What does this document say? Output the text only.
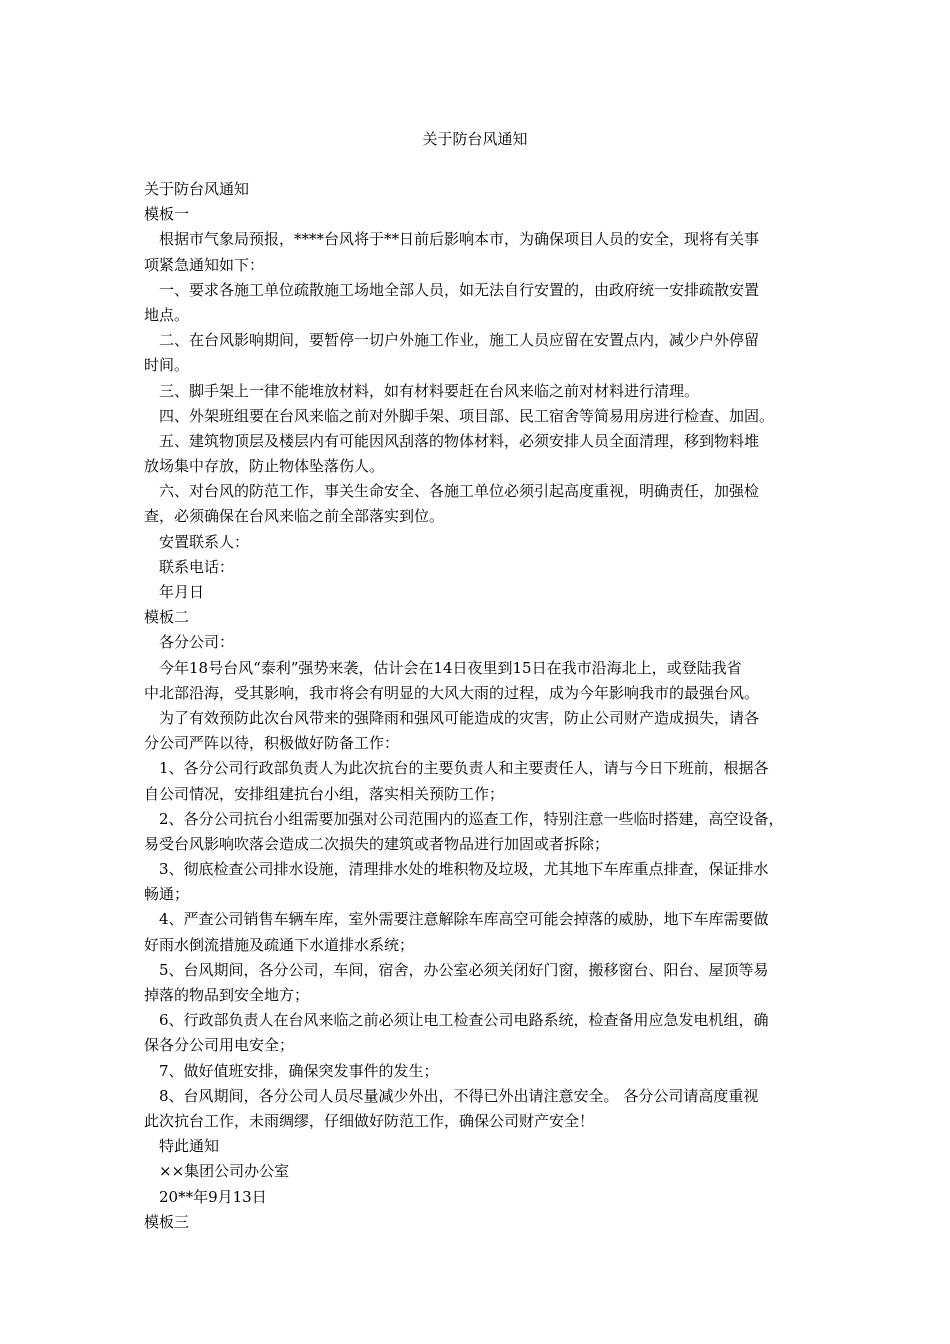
关于防台风通知
关于防台风通知
模板一
根据市气象局预报，****台风将于**日前后影响本市，为确保项目人员的安全，现将有关事
项紧急通知如下：
一、要求各施工单位疏散施工场地全部人员，如无法自行安置的，由政府统一安排疏散安置
地点。
二、在台风影响期间，要暂停一切户外施工作业，施工人员应留在安置点内，减少户外停留
时间。
三、脚手架上一律不能堆放材料，如有材料要赶在台风来临之前对材料进行清理。
四、外架班组要在台风来临之前对外脚手架、项目部、民工宿舍等简易用房进行检查、加固。
五、建筑物顶层及楼层内有可能因风刮落的物体材料，必须安排人员全面清理，移到物料堆
放场集中存放，防止物体坠落伤人。
六、对台风的防范工作，事关生命安全、各施工单位必须引起高度重视，明确责任，加强检
查，必须确保在台风来临之前全部落实到位。
安置联系人：
联系电话：
年月日
模板二
各分公司：
今年18号台风“泰利”强势来袭，估计会在14日夜里到15日在我市沿海北上，或登陆我省
中北部沿海，受其影响，我市将会有明显的大风大雨的过程，成为今年影响我市的最强台风。
为了有效预防此次台风带来的强降雨和强风可能造成的灾害，防止公司财产造成损失，请各
分公司严阵以待，积极做好防备工作：
1、各分公司行政部负责人为此次抗台的主要负责人和主要责任人，请与今日下班前，根据各
自公司情况，安排组建抗台小组，落实相关预防工作；
2、各分公司抗台小组需要加强对公司范围内的巡查工作，特别注意一些临时搭建，高空设备，
易受台风影响吹落会造成二次损失的建筑或者物品进行加固或者拆除；
3、彻底检查公司排水设施，清理排水处的堆积物及垃圾，尤其地下车库重点排查，保证排水
畅通；
4、严查公司销售车辆车库，室外需要注意解除车库高空可能会掉落的威胁，地下车库需要做
好雨水倒流措施及疏通下水道排水系统；
5、台风期间，各分公司，车间，宿舍，办公室必须关闭好门窗，搬移窗台、阳台、屋顶等易
掉落的物品到安全地方；
6、行政部负责人在台风来临之前必须让电工检查公司电路系统，检查备用应急发电机组，确
保各分公司用电安全；
7、做好值班安排，确保突发事件的发生；
8、台风期间，各分公司人员尽量减少外出，不得已外出请注意安全。 各分公司请高度重视
此次抗台工作，未雨绸缪，仔细做好防范工作，确保公司财产安全！
特此通知
××集团公司办公室
20**年9月13日
模板三
